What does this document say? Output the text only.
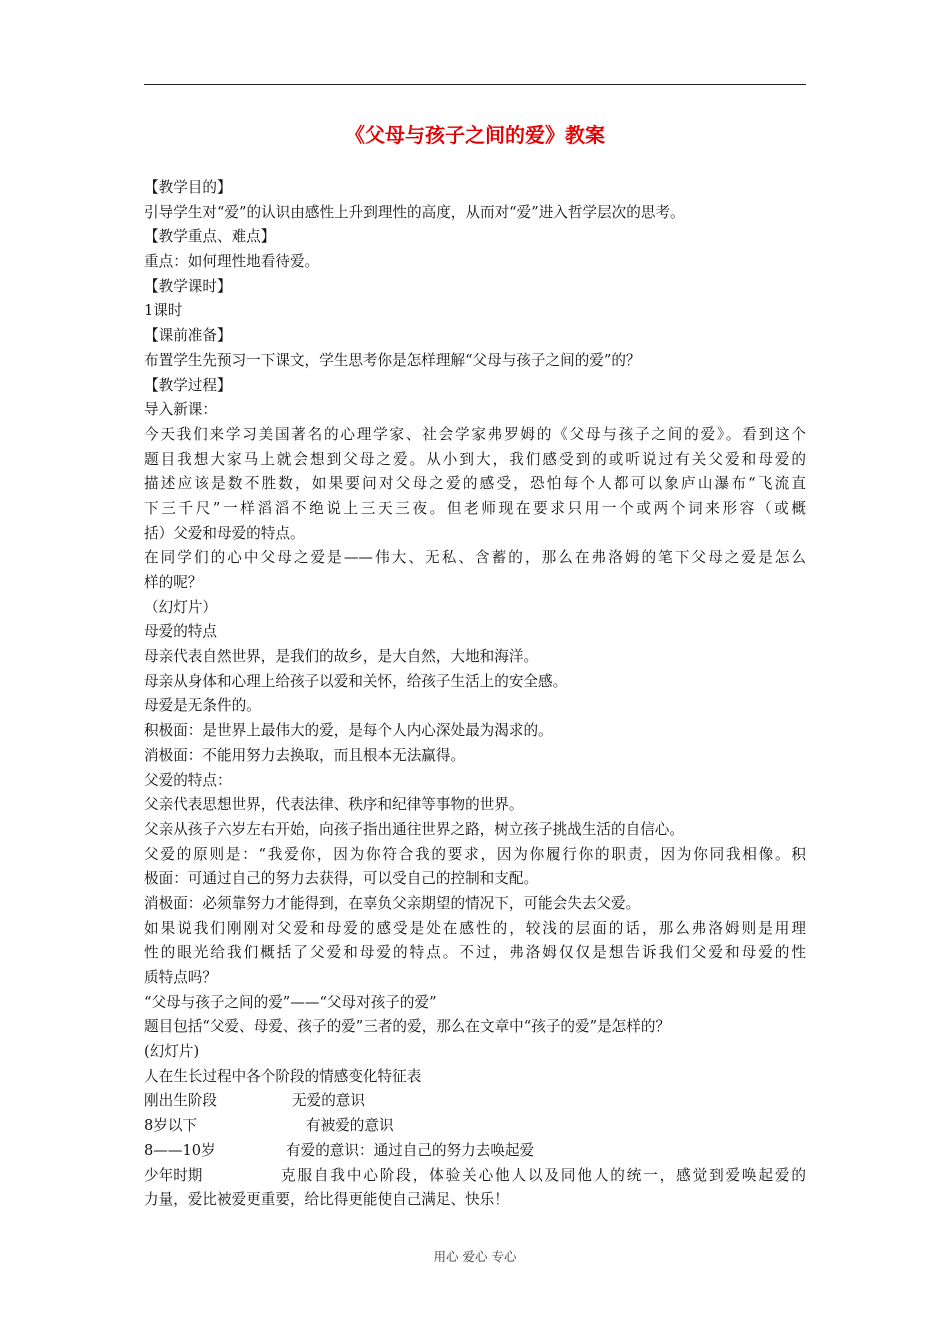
《父母与孩子之间的爱》教案
【教学目的】
引导学生对“爱”的认识由感性上升到理性的高度，从而对“爱”进入哲学层次的思考。
【教学重点、难点】
重点：如何理性地看待爱。
【教学课时】
1课时
【课前准备】
布置学生先预习一下课文，学生思考你是怎样理解“父母与孩子之间的爱”的？
【教学过程】
导入新课：
今天我们来学习美国著名的心理学家、社会学家弗罗姆的《父母与孩子之间的爱》。看到这个
题目我想大家马上就会想到父母之爱。从小到大，我们感受到的或听说过有关父爱和母爱的
描述应该是数不胜数，如果要问对父母之爱的感受，恐怕每个人都可以象庐山瀑布“飞流直
下三千尺”一样滔滔不绝说上三天三夜。但老师现在要求只用一个或两个词来形容（或概
括）父爱和母爱的特点。
在同学们的心中父母之爱是——伟大、无私、含蓄的，那么在弗洛姆的笔下父母之爱是怎么
样的呢？
（幻灯片）
母爱的特点
母亲代表自然世界，是我们的故乡，是大自然，大地和海洋。
母亲从身体和心理上给孩子以爱和关怀，给孩子生活上的安全感。
母爱是无条件的。
积极面：是世界上最伟大的爱，是每个人内心深处最为渴求的。
消极面：不能用努力去换取，而且根本无法赢得。
父爱的特点：
父亲代表思想世界，代表法律、秩序和纪律等事物的世界。
父亲从孩子六岁左右开始，向孩子指出通往世界之路，树立孩子挑战生活的自信心。
父爱的原则是：“我爱你，因为你符合我的要求，因为你履行你的职责，因为你同我相像。积
极面：可通过自己的努力去获得，可以受自己的控制和支配。
消极面：必须靠努力才能得到，在辜负父亲期望的情况下，可能会失去父爱。
如果说我们刚刚对父爱和母爱的感受是处在感性的，较浅的层面的话，那么弗洛姆则是用理
性的眼光给我们概括了父爱和母爱的特点。不过，弗洛姆仅仅是想告诉我们父爱和母爱的性
质特点吗？
“父母与孩子之间的爱”——“父母对孩子的爱”
题目包括“父爱、母爱、孩子的爱”三者的爱，那么在文章中“孩子的爱”是怎样的？
(幻灯片)
人在生长过程中各个阶段的情感变化特征表
刚出生阶段	无爱的意识
8岁以下	有被爱的意识
8——10岁	有爱的意识：通过自己的努力去唤起爱
少年时期	克服自我中心阶段，体验关心他人以及同他人的统一，感觉到爱唤起爱的
力量，爱比被爱更重要，给比得更能使自己满足、快乐！
用心 爱心 专心
